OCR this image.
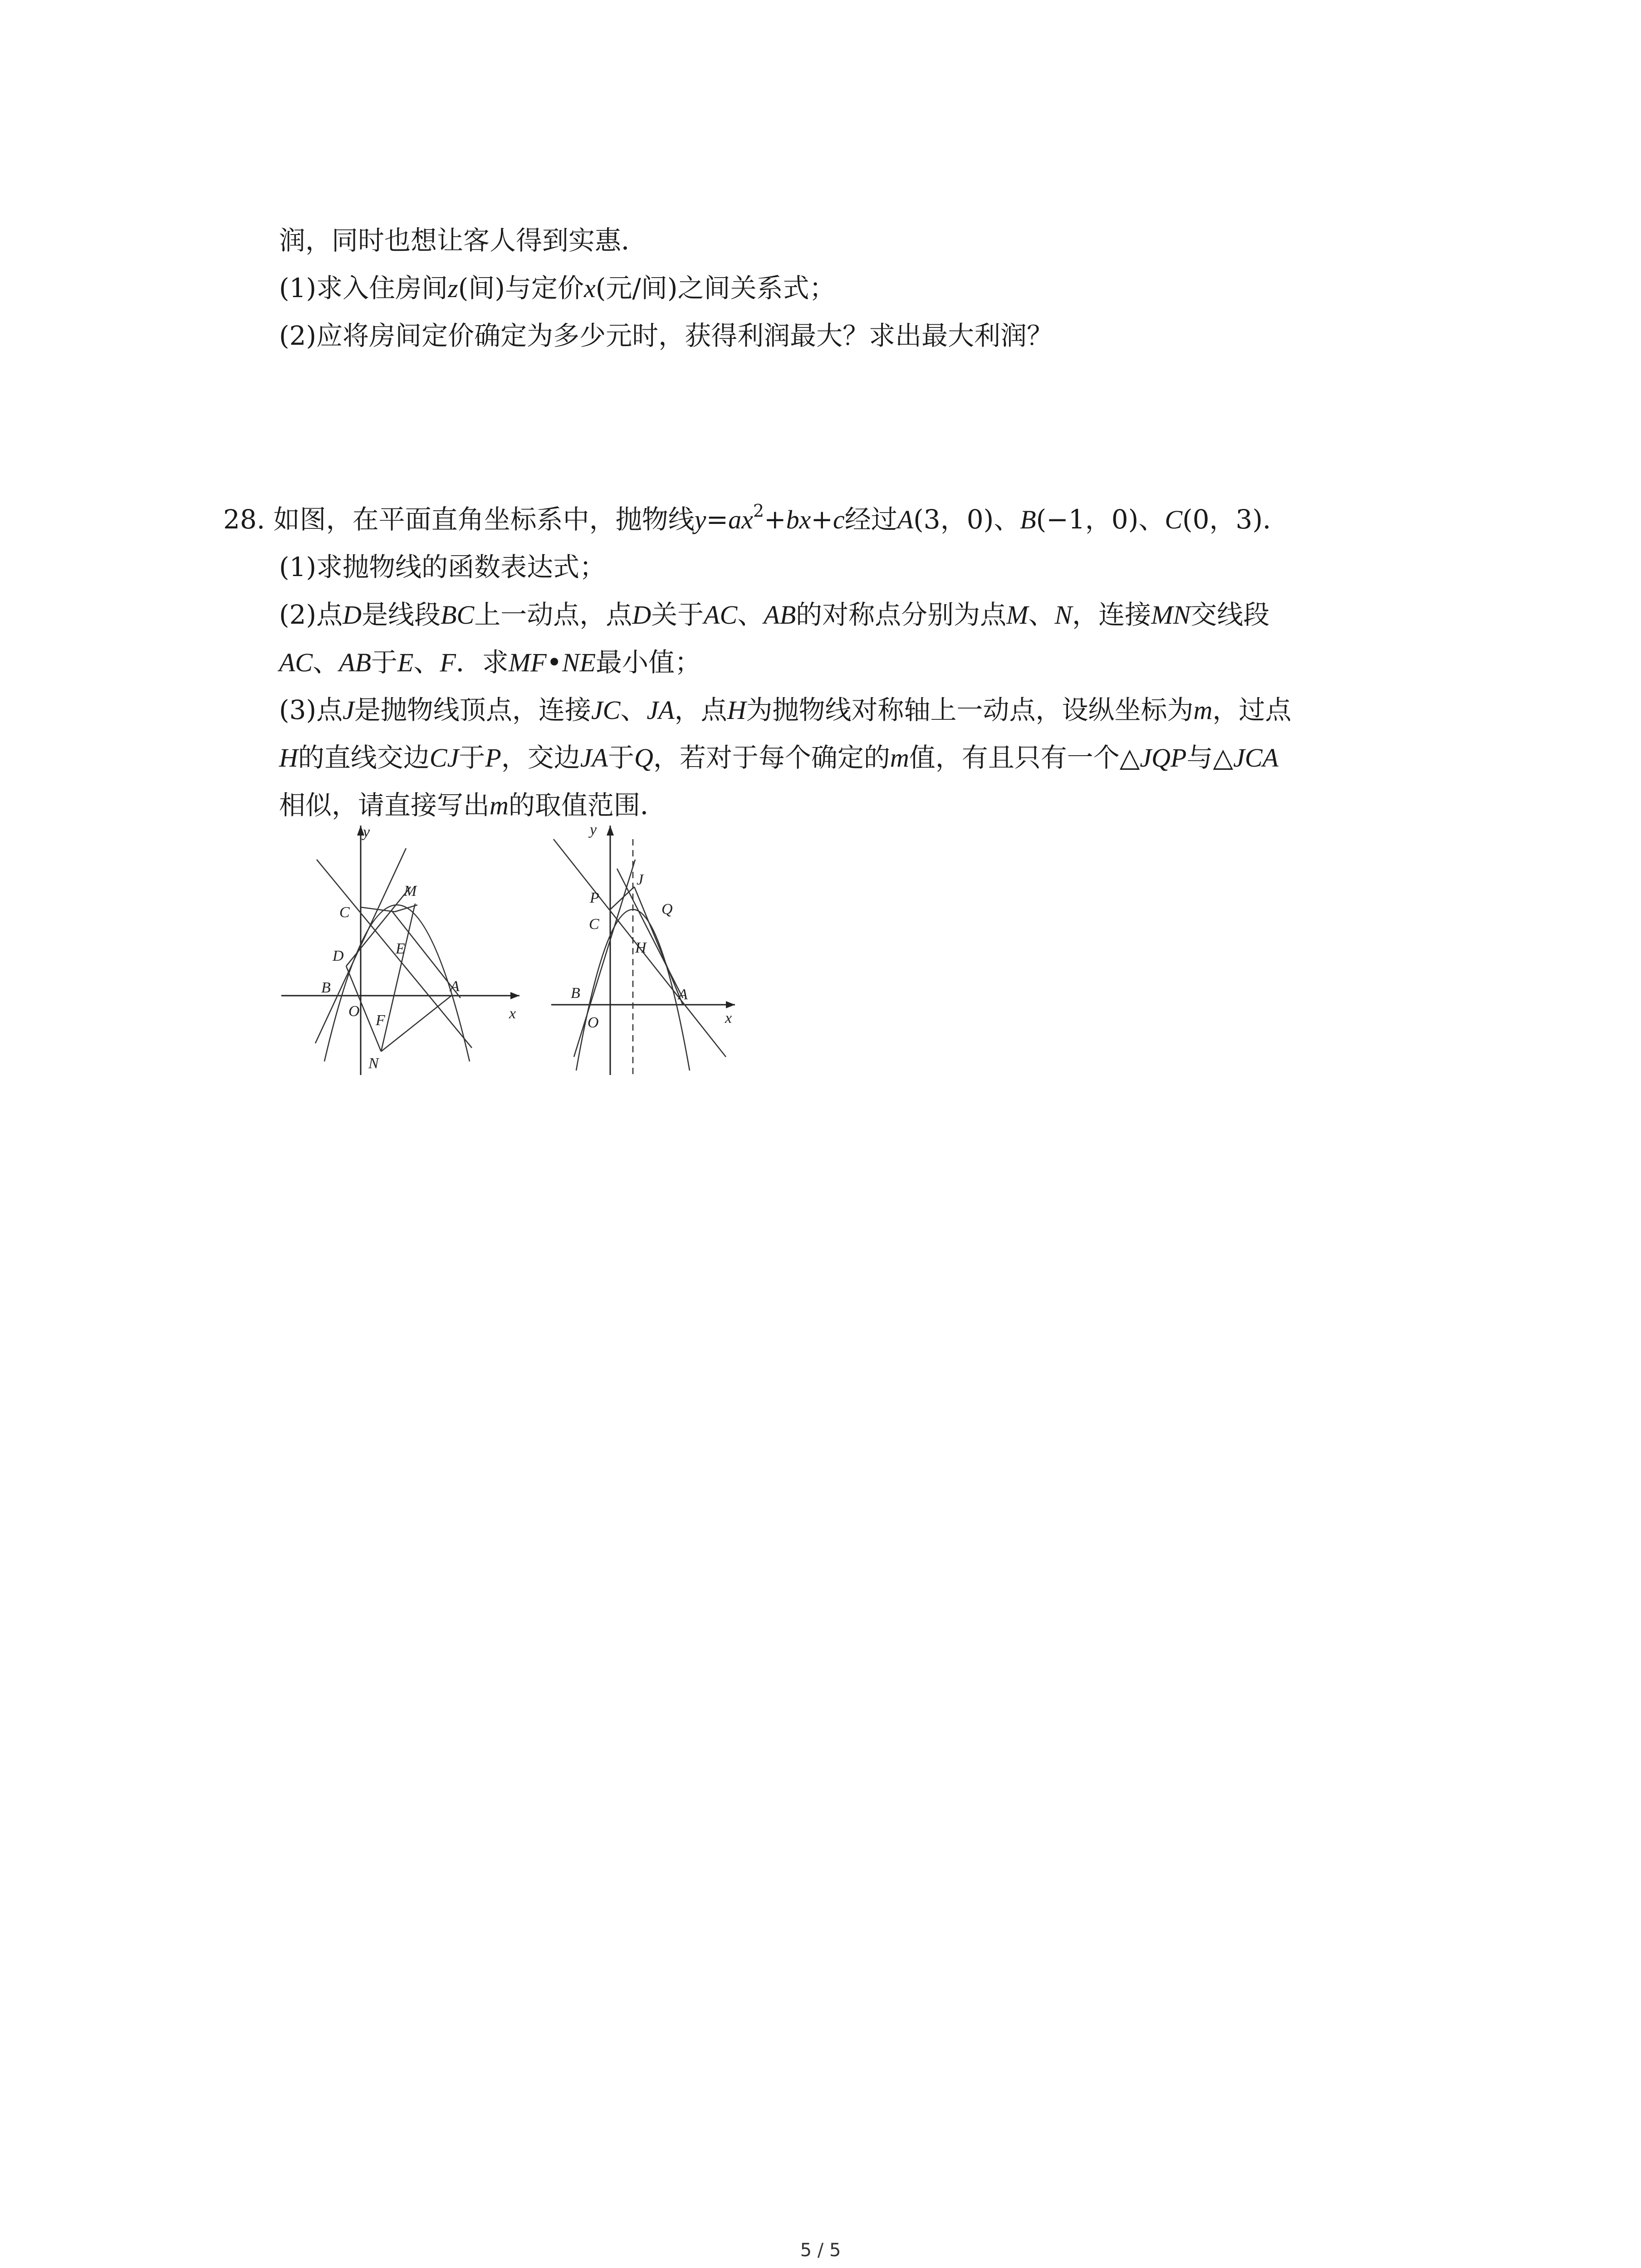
润，同时也想让客人得到实惠．
(1)求入住房间z(间)与定价x(元/间)之间关系式；
(2)应将房间定价确定为多少元时，获得利润最大？求出最大利润？
28. 如图，在平面直角坐标系中，抛物线$y=ax^2+bx+c$经过A(3，0)、B(−1，0)、C(0，3)．
(1)求抛物线的函数表达式；
(2)点D是线段BC上一动点，点D关于AC、AB的对称点分别为点M、N，连接MN交线段
AC、AB于E、F．求MF•NE最小值；
(3)点J是抛物线顶点，连接JC、JA，点H为抛物线对称轴上一动点，设纵坐标为m，过点
H的直线交边CJ于P，交边JA于Q，若对于每个确定的m值，有且只有一个△JQP与△JCA
相似，请直接写出m的取值范围．
y
x
C
M
D	E
B	A
O
F
N
y
x
P
J
C
Q
H
B	A
O
5 / 5
